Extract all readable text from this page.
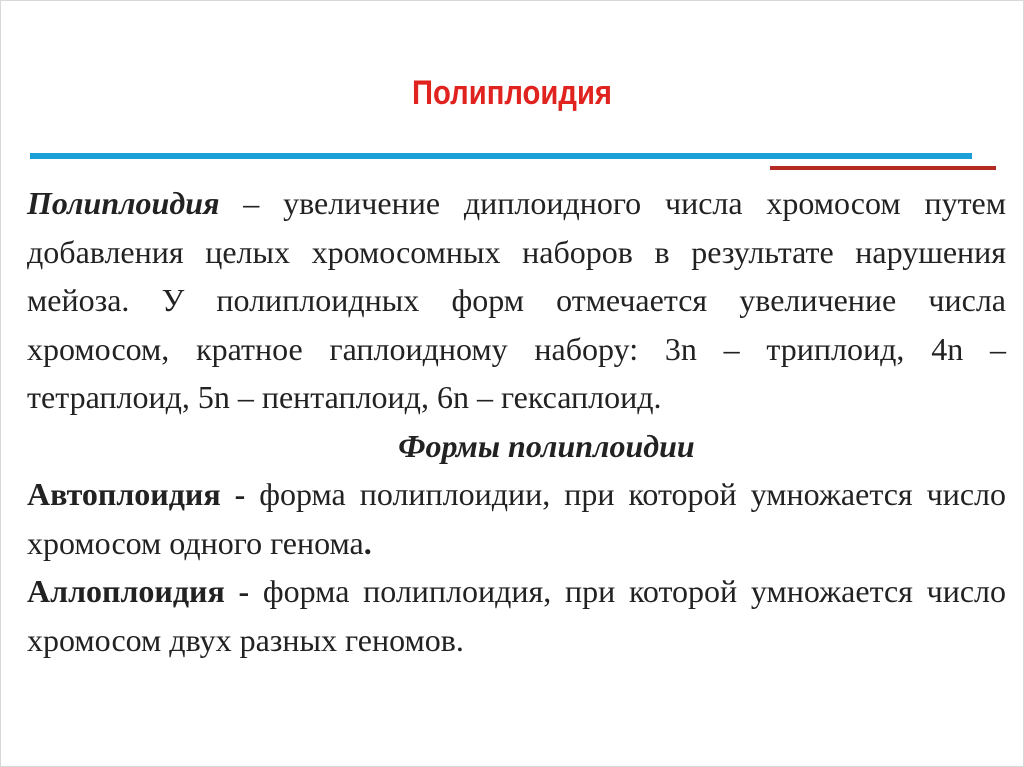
Полиплоидия

Полиплоидия – увеличение диплоидного числа хромосом путем добавления целых хромосомных наборов в результате нарушения мейоза. У полиплоидных форм отмечается увеличение числа хромосом, кратное гаплоидному набору: 3n – триплоид, 4n – тетраплоид, 5n – пентаплоид, 6n – гексаплоид.

Формы полиплоидии

Автоплоидия - форма полиплоидии, при которой умножается число хромосом одного генома.

Аллоплоидия - форма полиплоидия, при которой умножается число хромосом двух разных геномов.
